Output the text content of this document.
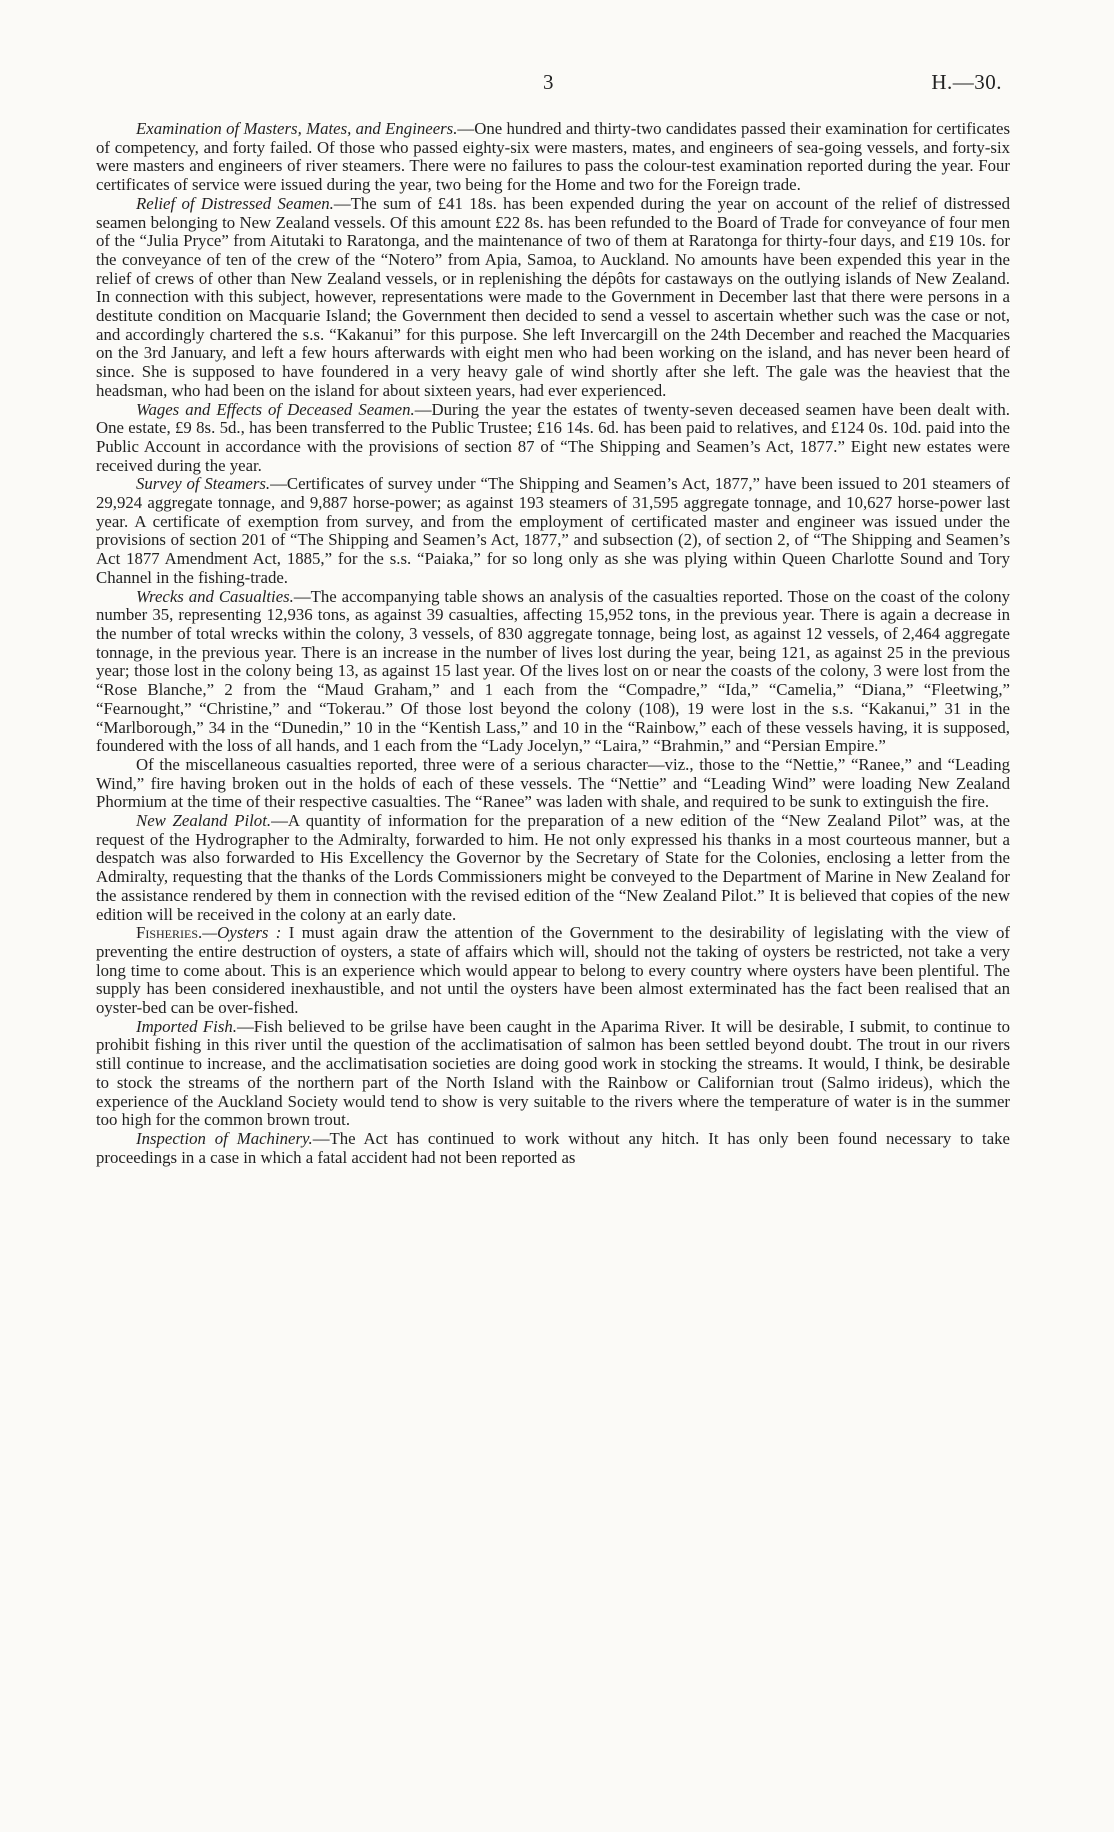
3	H.—30.

Examination of Masters, Mates, and Engineers.—One hundred and thirty-two candidates passed their examination for certificates of competency, and forty failed. Of those who passed eighty-six were masters, mates, and engineers of sea-going vessels, and forty-six were masters and engineers of river steamers. There were no failures to pass the colour-test examination reported during the year. Four certificates of service were issued during the year, two being for the Home and two for the Foreign trade.

Relief of Distressed Seamen.—The sum of £41 18s. has been expended during the year on account of the relief of distressed seamen belonging to New Zealand vessels. Of this amount £22 8s. has been refunded to the Board of Trade for conveyance of four men of the “Julia Pryce” from Aitutaki to Raratonga, and the maintenance of two of them at Raratonga for thirty-four days, and £19 10s. for the conveyance of ten of the crew of the “Notero” from Apia, Samoa, to Auckland. No amounts have been expended this year in the relief of crews of other than New Zealand vessels, or in replenishing the dépôts for castaways on the outlying islands of New Zealand. In connection with this subject, however, representations were made to the Government in December last that there were persons in a destitute condition on Macquarie Island; the Government then decided to send a vessel to ascertain whether such was the case or not, and accordingly chartered the s.s. “Kakanui” for this purpose. She left Invercargill on the 24th December and reached the Macquaries on the 3rd January, and left a few hours afterwards with eight men who had been working on the island, and has never been heard of since. She is supposed to have foundered in a very heavy gale of wind shortly after she left. The gale was the heaviest that the headsman, who had been on the island for about sixteen years, had ever experienced.

Wages and Effects of Deceased Seamen.—During the year the estates of twenty-seven deceased seamen have been dealt with. One estate, £9 8s. 5d., has been transferred to the Public Trustee; £16 14s. 6d. has been paid to relatives, and £124 0s. 10d. paid into the Public Account in accordance with the provisions of section 87 of “The Shipping and Seamen’s Act, 1877.” Eight new estates were received during the year.

Survey of Steamers.—Certificates of survey under “The Shipping and Seamen’s Act, 1877,” have been issued to 201 steamers of 29,924 aggregate tonnage, and 9,887 horse-power; as against 193 steamers of 31,595 aggregate tonnage, and 10,627 horse-power last year. A certificate of exemption from survey, and from the employment of certificated master and engineer was issued under the provisions of section 201 of “The Shipping and Seamen’s Act, 1877,” and subsection (2), of section 2, of “The Shipping and Seamen’s Act 1877 Amendment Act, 1885,” for the s.s. “Paiaka,” for so long only as she was plying within Queen Charlotte Sound and Tory Channel in the fishing-trade.

Wrecks and Casualties.—The accompanying table shows an analysis of the casualties reported. Those on the coast of the colony number 35, representing 12,936 tons, as against 39 casualties, affecting 15,952 tons, in the previous year. There is again a decrease in the number of total wrecks within the colony, 3 vessels, of 830 aggregate tonnage, being lost, as against 12 vessels, of 2,464 aggregate tonnage, in the previous year. There is an increase in the number of lives lost during the year, being 121, as against 25 in the previous year; those lost in the colony being 13, as against 15 last year. Of the lives lost on or near the coasts of the colony, 3 were lost from the “Rose Blanche,” 2 from the “Maud Graham,” and 1 each from the “Compadre,” “Ida,” “Camelia,” “Diana,” “Fleetwing,” “Fearnought,” “Christine,” and “Tokerau.” Of those lost beyond the colony (108), 19 were lost in the s.s. “Kakanui,” 31 in the “Marlborough,” 34 in the “Dunedin,” 10 in the “Kentish Lass,” and 10 in the “Rainbow,” each of these vessels having, it is supposed, foundered with the loss of all hands, and 1 each from the “Lady Jocelyn,” “Laira,” “Brahmin,” and “Persian Empire.”

Of the miscellaneous casualties reported, three were of a serious character—viz., those to the “Nettie,” “Ranee,” and “Leading Wind,” fire having broken out in the holds of each of these vessels. The “Nettie” and “Leading Wind” were loading New Zealand Phormium at the time of their respective casualties. The “Ranee” was laden with shale, and required to be sunk to extinguish the fire.

New Zealand Pilot.—A quantity of information for the preparation of a new edition of the “New Zealand Pilot” was, at the request of the Hydrographer to the Admiralty, forwarded to him. He not only expressed his thanks in a most courteous manner, but a despatch was also forwarded to His Excellency the Governor by the Secretary of State for the Colonies, enclosing a letter from the Admiralty, requesting that the thanks of the Lords Commissioners might be conveyed to the Department of Marine in New Zealand for the assistance rendered by them in connection with the revised edition of the “New Zealand Pilot.” It is believed that copies of the new edition will be received in the colony at an early date.

Fisheries.—Oysters : I must again draw the attention of the Government to the desirability of legislating with the view of preventing the entire destruction of oysters, a state of affairs which will, should not the taking of oysters be restricted, not take a very long time to come about. This is an experience which would appear to belong to every country where oysters have been plentiful. The supply has been considered inexhaustible, and not until the oysters have been almost exterminated has the fact been realised that an oyster-bed can be over-fished.

Imported Fish.—Fish believed to be grilse have been caught in the Aparima River. It will be desirable, I submit, to continue to prohibit fishing in this river until the question of the acclimatisation of salmon has been settled beyond doubt. The trout in our rivers still continue to increase, and the acclimatisation societies are doing good work in stocking the streams. It would, I think, be desirable to stock the streams of the northern part of the North Island with the Rainbow or Californian trout (Salmo irideus), which the experience of the Auckland Society would tend to show is very suitable to the rivers where the temperature of water is in the summer too high for the common brown trout.

Inspection of Machinery.—The Act has continued to work without any hitch. It has only been found necessary to take proceedings in a case in which a fatal accident had not been reported as
